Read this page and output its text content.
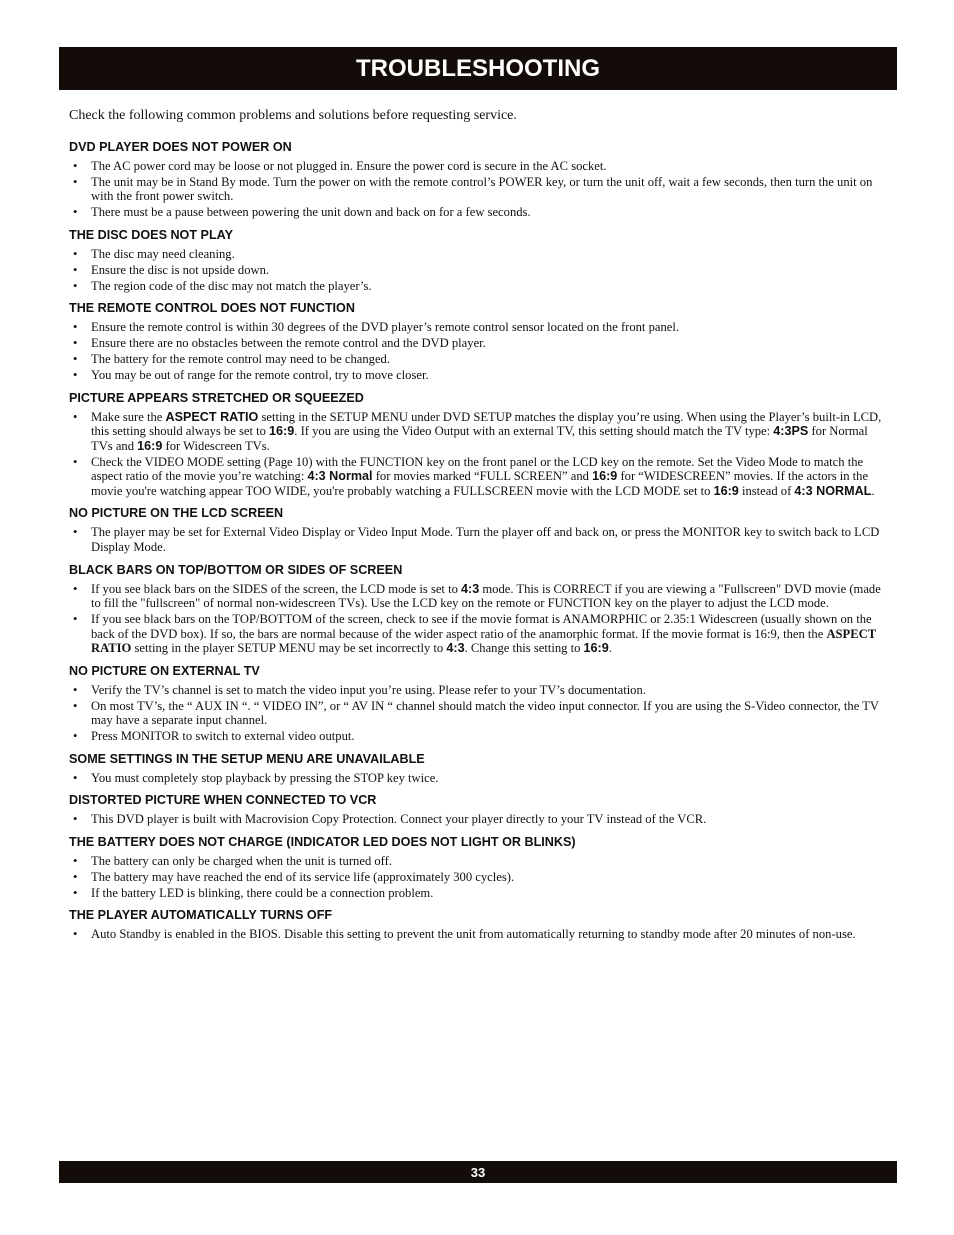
TROUBLESHOOTING

Check the following common problems and solutions before requesting service.

DVD PLAYER DOES NOT POWER ON
• The AC power cord may be loose or not plugged in. Ensure the power cord is secure in the AC socket.
• The unit may be in Stand By mode. Turn the power on with the remote control’s POWER key, or turn the unit off, wait a few seconds, then turn the unit on with the front power switch.
• There must be a pause between powering the unit down and back on for a few seconds.
THE DISC DOES NOT PLAY
• The disc may need cleaning.
• Ensure the disc is not upside down.
• The region code of the disc may not match the player’s.
THE REMOTE CONTROL DOES NOT FUNCTION
• Ensure the remote control is within 30 degrees of the DVD player’s remote control sensor located on the front panel.
• Ensure there are no obstacles between the remote control and the DVD player.
• The battery for the remote control may need to be changed.
• You may be out of range for the remote control, try to move closer.
PICTURE APPEARS STRETCHED OR SQUEEZED
• Make sure the ASPECT RATIO setting in the SETUP MENU under DVD SETUP matches the display you’re using. When using the Player’s built-in LCD, this setting should always be set to 16:9. If you are using the Video Output with an external TV, this setting should match the TV type: 4:3PS for Normal TVs and 16:9 for Widescreen TVs.
• Check the VIDEO MODE setting (Page 10) with the FUNCTION key on the front panel or the LCD key on the remote. Set the Video Mode to match the aspect ratio of the movie you’re watching: 4:3 Normal for movies marked “FULL SCREEN” and 16:9 for “WIDESCREEN” movies. If the actors in the movie you're watching appear TOO WIDE, you're probably watching a FULLSCREEN movie with the LCD MODE set to 16:9 instead of 4:3 NORMAL.
NO PICTURE ON THE LCD SCREEN
• The player may be set for External Video Display or Video Input Mode. Turn the player off and back on, or press the MONITOR key to switch back to LCD Display Mode.
BLACK BARS ON TOP/BOTTOM OR SIDES OF SCREEN
• If you see black bars on the SIDES of the screen, the LCD mode is set to 4:3 mode. This is CORRECT if you are viewing a "Fullscreen" DVD movie (made to fill the "fullscreen" of normal non-widescreen TVs). Use the LCD key on the remote or FUNCTION key on the player to adjust the LCD mode.
• If you see black bars on the TOP/BOTTOM of the screen, check to see if the movie format is ANAMORPHIC or 2.35:1 Widescreen (usually shown on the back of the DVD box). If so, the bars are normal because of the wider aspect ratio of the anamorphic format. If the movie format is 16:9, then the ASPECT RATIO setting in the player SETUP MENU may be set incorrectly to 4:3. Change this setting to 16:9.
NO PICTURE ON EXTERNAL TV
• Verify the TV’s channel is set to match the video input you’re using. Please refer to your TV’s documentation.
• On most TV’s, the “ AUX IN “. “ VIDEO IN”, or “ AV IN “ channel should match the video input connector. If you are using the S-Video connector, the TV may have a separate input channel.
• Press MONITOR to switch to external video output.
SOME SETTINGS IN THE SETUP MENU ARE UNAVAILABLE
• You must completely stop playback by pressing the STOP key twice.
DISTORTED PICTURE WHEN CONNECTED TO VCR
• This DVD player is built with Macrovision Copy Protection. Connect your player directly to your TV instead of the VCR.
THE BATTERY DOES NOT CHARGE (INDICATOR LED DOES NOT LIGHT OR BLINKS)
• The battery can only be charged when the unit is turned off.
• The battery may have reached the end of its service life (approximately 300 cycles).
• If the battery LED is blinking, there could be a connection problem.
THE PLAYER AUTOMATICALLY TURNS OFF
• Auto Standby is enabled in the BIOS. Disable this setting to prevent the unit from automatically returning to standby mode after 20 minutes of non-use.
33
